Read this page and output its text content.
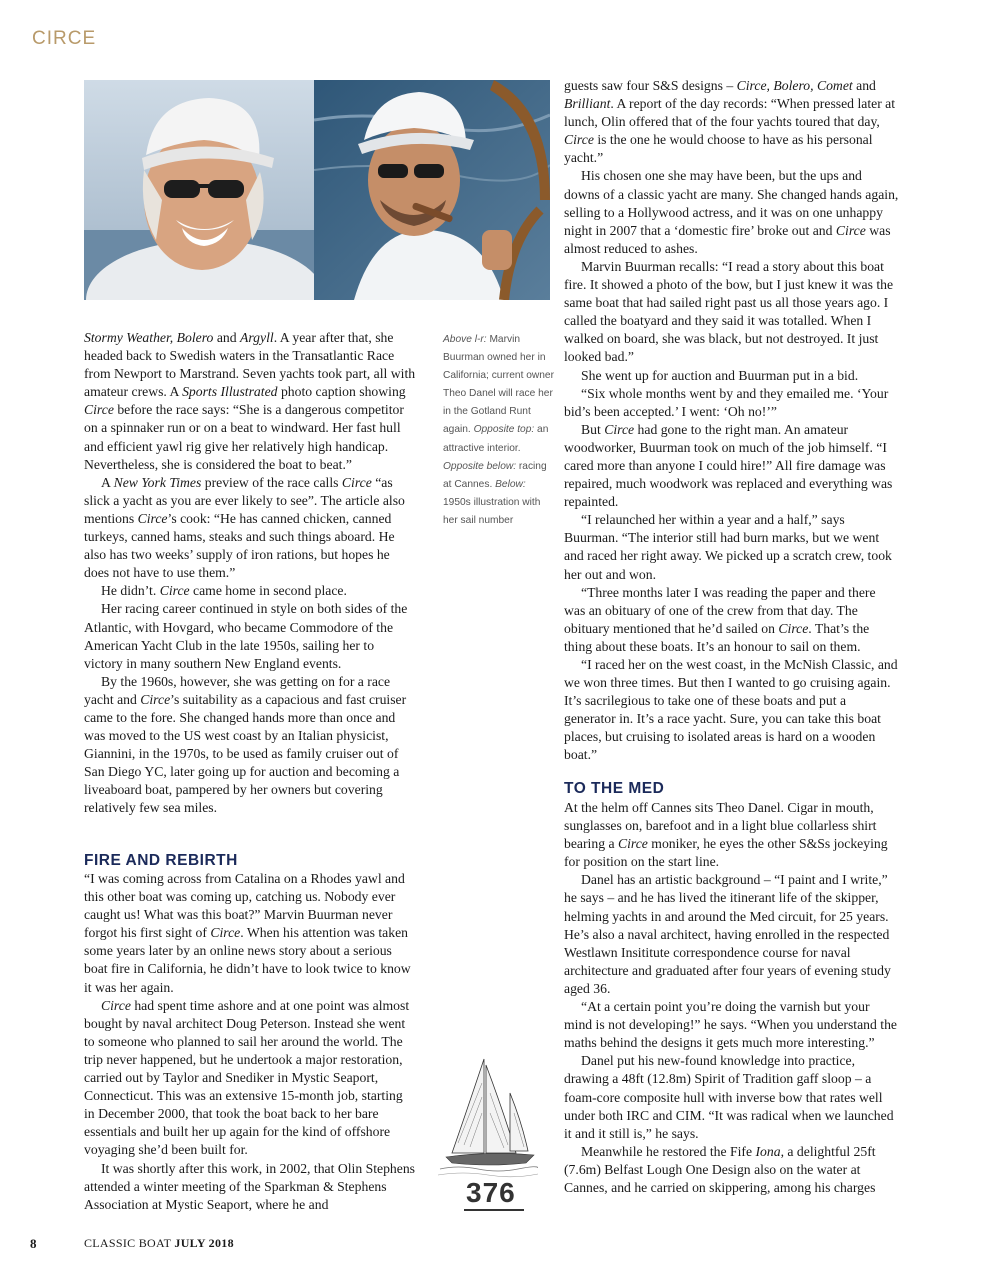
CIRCE

Stormy Weather, Bolero and Argyll. A year after that, she headed back to Swedish waters in the Transatlantic Race from Newport to Marstrand. Seven yachts took part, all with amateur crews. A Sports Illustrated photo caption showing Circe before the race says: “She is a dangerous competitor on a spinnaker run or on a beat to windward. Her fast hull and efficient yawl rig give her relatively high handicap. Nevertheless, she is considered the boat to beat.”

A New York Times preview of the race calls Circe “as slick a yacht as you are ever likely to see”. The article also mentions Circe’s cook: “He has canned chicken, canned turkeys, canned hams, steaks and such things aboard. He also has two weeks’ supply of iron rations, but hopes he does not have to use them.”

He didn’t. Circe came home in second place.

Her racing career continued in style on both sides of the Atlantic, with Hovgard, who became Commodore of the American Yacht Club in the late 1950s, sailing her to victory in many southern New England events.

By the 1960s, however, she was getting on for a race yacht and Circe’s suitability as a capacious and fast cruiser came to the fore. She changed hands more than once and was moved to the US west coast by an Italian physicist, Giannini, in the 1970s, to be used as family cruiser out of San Diego YC, later going up for auction and becoming a liveaboard boat, pampered by her owners but covering relatively few sea miles.

FIRE AND REBIRTH

“I was coming across from Catalina on a Rhodes yawl and this other boat was coming up, catching us. Nobody ever caught us! What was this boat?” Marvin Buurman never forgot his first sight of Circe. When his attention was taken some years later by an online news story about a serious boat fire in California, he didn’t have to look twice to know it was her again.

Circe had spent time ashore and at one point was almost bought by naval architect Doug Peterson. Instead she went to someone who planned to sail her around the world. The trip never happened, but he undertook a major restoration, carried out by Taylor and Snediker in Mystic Seaport, Connecticut. This was an extensive 15-month job, starting in December 2000, that took the boat back to her bare essentials and built her up again for the kind of offshore voyaging she’d been built for.

It was shortly after this work, in 2002, that Olin Stephens attended a winter meeting of the Sparkman & Stephens Association at Mystic Seaport, where he and

Above l-r: Marvin Buurman owned her in California; current owner Theo Danel will race her in the Gotland Runt again. Opposite top: an attractive interior. Opposite below: racing at Cannes. Below: 1950s illustration with her sail number

guests saw four S&S designs – Circe, Bolero, Comet and Brilliant. A report of the day records: “When pressed later at lunch, Olin offered that of the four yachts toured that day, Circe is the one he would choose to have as his personal yacht.”

His chosen one she may have been, but the ups and downs of a classic yacht are many. She changed hands again, selling to a Hollywood actress, and it was on one unhappy night in 2007 that a ‘domestic fire’ broke out and Circe was almost reduced to ashes.

Marvin Buurman recalls: “I read a story about this boat fire. It showed a photo of the bow, but I just knew it was the same boat that had sailed right past us all those years ago. I called the boatyard and they said it was totalled. When I walked on board, she was black, but not destroyed. It just looked bad.”

She went up for auction and Buurman put in a bid.

“Six whole months went by and they emailed me. ‘Your bid’s been accepted.’ I went: ‘Oh no!’”

But Circe had gone to the right man. An amateur woodworker, Buurman took on much of the job himself. “I cared more than anyone I could hire!” All fire damage was repaired, much woodwork was replaced and everything was repainted.

“I relaunched her within a year and a half,” says Buurman. “The interior still had burn marks, but we went and raced her right away. We picked up a scratch crew, took her out and won.

“Three months later I was reading the paper and there was an obituary of one of the crew from that day. The obituary mentioned that he’d sailed on Circe. That’s the thing about these boats. It’s an honour to sail on them.

“I raced her on the west coast, in the McNish Classic, and we won three times. But then I wanted to go cruising again. It’s sacrilegious to take one of these boats and put a generator in. It’s a race yacht. Sure, you can take this boat places, but cruising to isolated areas is hard on a wooden boat.”

TO THE MED

At the helm off Cannes sits Theo Danel. Cigar in mouth, sunglasses on, barefoot and in a light blue collarless shirt bearing a Circe moniker, he eyes the other S&Ss jockeying for position on the start line.

Danel has an artistic background – “I paint and I write,” he says – and he has lived the itinerant life of the skipper, helming yachts in and around the Med circuit, for 25 years. He’s also a naval architect, having enrolled in the respected Westlawn Insititute correspondence course for naval architecture and graduated after four years of evening study aged 36.

“At a certain point you’re doing the varnish but your mind is not developing!” he says. “When you understand the maths behind the designs it gets much more interesting.”

Danel put his new-found knowledge into practice, drawing a 48ft (12.8m) Spirit of Tradition gaff sloop – a foam-core composite hull with inverse bow that rates well under both IRC and CIM. “It was radical when we launched it and it still is,” he says.

Meanwhile he restored the Fife Iona, a delightful 25ft (7.6m) Belfast Lough One Design also on the water at Cannes, and he carried on skippering, among his charges

376
8	CLASSIC BOAT JULY 2018
